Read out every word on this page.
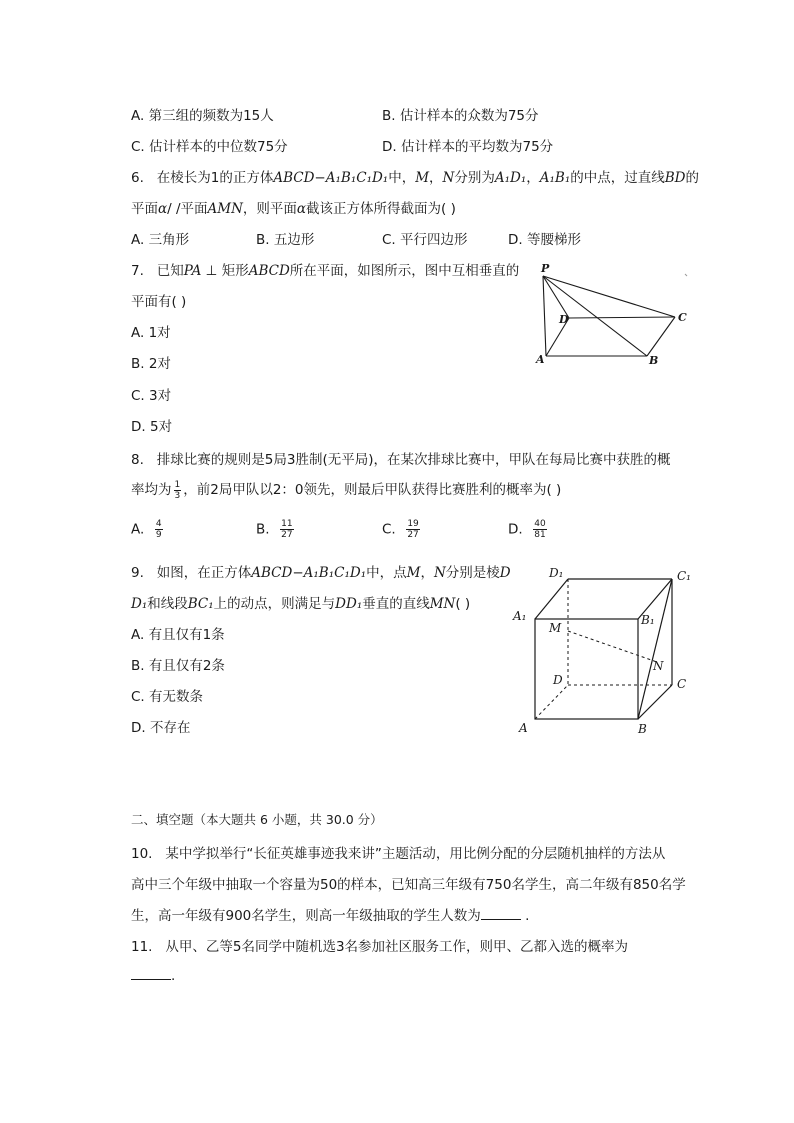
A. 第三组的频数为15人	B. 估计样本的众数为75分
C. 估计样本的中位数75分	D. 估计样本的平均数为75分
6. 在棱长为1的正方体ABCD−A₁B₁C₁D₁中，M，N分别为A₁D₁，A₁B₁的中点，过直线BD的
平面α/ /平面AMN，则平面α截该正方体所得截面为( )
A. 三角形	B. 五边形	C. 平行四边形	D. 等腰梯形
7. 已知PA ⊥ 矩形ABCD所在平面，如图所示，图中互相垂直的
平面有( )
A. 1对
B. 2对
C. 3对
D. 5对
P
D	C
A	B
8. 排球比赛的规则是5局3胜制(无平局)，在某次排球比赛中，甲队在每局比赛中获胜的概
率均为 $\frac{1}{3}$ ，前2局甲队以2：0领先，则最后甲队获得比赛胜利的概率为( )
A. $\frac{4}{9}$	B. $\frac{11}{27}$	C. $\frac{19}{27}$	D. $\frac{40}{81}$
9. 如图，在正方体ABCD−A₁B₁C₁D₁中，点M，N分别是棱D
D₁和线段BC₁上的动点，则满足与DD₁垂直的直线MN( )
A. 有且仅有1条
B. 有且仅有2条
C. 有无数条
D. 不存在
D₁	C₁
A₁	B₁
M
N
D	C
A	B
二、填空题（本大题共 6 小题，共 30.0 分）
10. 某中学拟举行“长征英雄事迹我来讲”主题活动，用比例分配的分层随机抽样的方法从
高中三个年级中抽取一个容量为50的样本，已知高三年级有750名学生，高二年级有850名学
生，高一年级有900名学生，则高一年级抽取的学生人数为	.
11. 从甲、乙等5名同学中随机选3名参加社区服务工作，则甲、乙都入选的概率为
.
